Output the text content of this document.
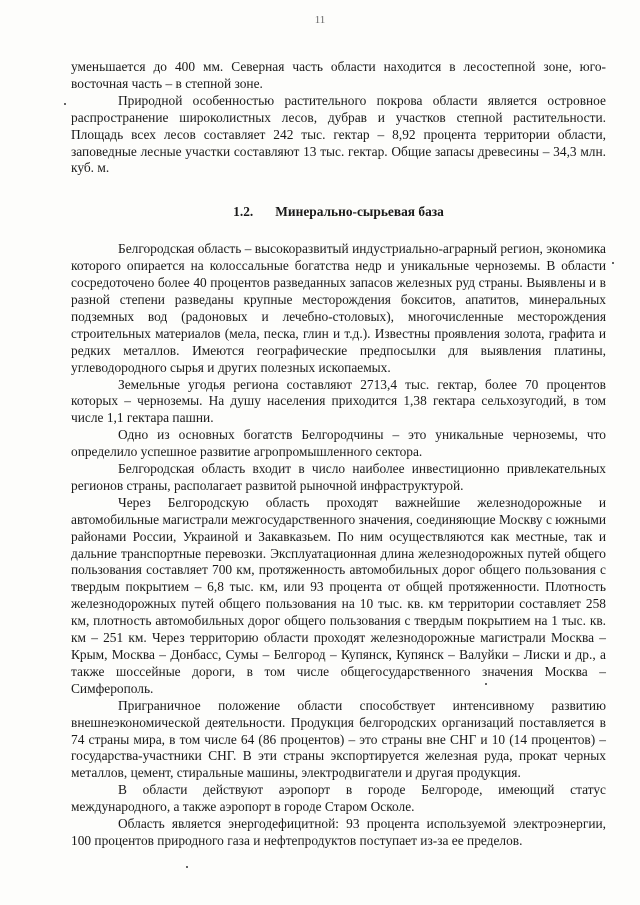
11

уменьшается до 400 мм. Северная часть области находится в лесостепной зоне, юго-восточная часть – в степной зоне.

Природной особенностью растительного покрова области является островное распространение широколистных лесов, дубрав и участков степной растительности. Площадь всех лесов составляет 242 тыс. гектар – 8,92 процента территории области, заповедные лесные участки составляют 13 тыс. гектар. Общие запасы древесины – 34,3 млн. куб. м.

1.2. Минерально-сырьевая база

Белгородская область – высокоразвитый индустриально-аграрный регион, экономика которого опирается на колоссальные богатства недр и уникальные черноземы. В области сосредоточено более 40 процентов разведанных запасов железных руд страны. Выявлены и в разной степени разведаны крупные месторождения бокситов, апатитов, минеральных подземных вод (радоновых и лечебно-столовых), многочисленные месторождения строительных материалов (мела, песка, глин и т.д.). Известны проявления золота, графита и редких металлов. Имеются географические предпосылки для выявления платины, углеводородного сырья и других полезных ископаемых.

Земельные угодья региона составляют 2713,4 тыс. гектар, более 70 процентов которых – черноземы. На душу населения приходится 1,38 гектара сельхозугодий, в том числе 1,1 гектара пашни.

Одно из основных богатств Белгородчины – это уникальные черноземы, что определило успешное развитие агропромышленного сектора.

Белгородская область входит в число наиболее инвестиционно привлекательных регионов страны, располагает развитой рыночной инфраструктурой.

Через Белгородскую область проходят важнейшие железнодорожные и автомобильные магистрали межгосударственного значения, соединяющие Москву с южными районами России, Украиной и Закавказьем. По ним осуществляются как местные, так и дальние транспортные перевозки. Эксплуатационная длина железнодорожных путей общего пользования составляет 700 км, протяженность автомобильных дорог общего пользования с твердым покрытием – 6,8 тыс. км, или 93 процента от общей протяженности. Плотность железнодорожных путей общего пользования на 10 тыс. кв. км территории составляет 258 км, плотность автомобильных дорог общего пользования с твердым покрытием на 1 тыс. кв. км – 251 км. Через территорию области проходят железнодорожные магистрали Москва – Крым, Москва – Донбасс, Сумы – Белгород – Купянск, Купянск – Валуйки – Лиски и др., а также шоссейные дороги, в том числе общегосударственного значения Москва – Симферополь.

Приграничное положение области способствует интенсивному развитию внешнеэкономической деятельности. Продукция белгородских организаций поставляется в 74 страны мира, в том числе 64 (86 процентов) – это страны вне СНГ и 10 (14 процентов) – государства-участники СНГ. В эти страны экспортируется железная руда, прокат черных металлов, цемент, стиральные машины, электродвигатели и другая продукция.

В области действуют аэропорт в городе Белгороде, имеющий статус международного, а также аэропорт в городе Старом Осколе.

Область является энергодефицитной: 93 процента используемой электроэнергии, 100 процентов природного газа и нефтепродуктов поступает из-за ее пределов.
